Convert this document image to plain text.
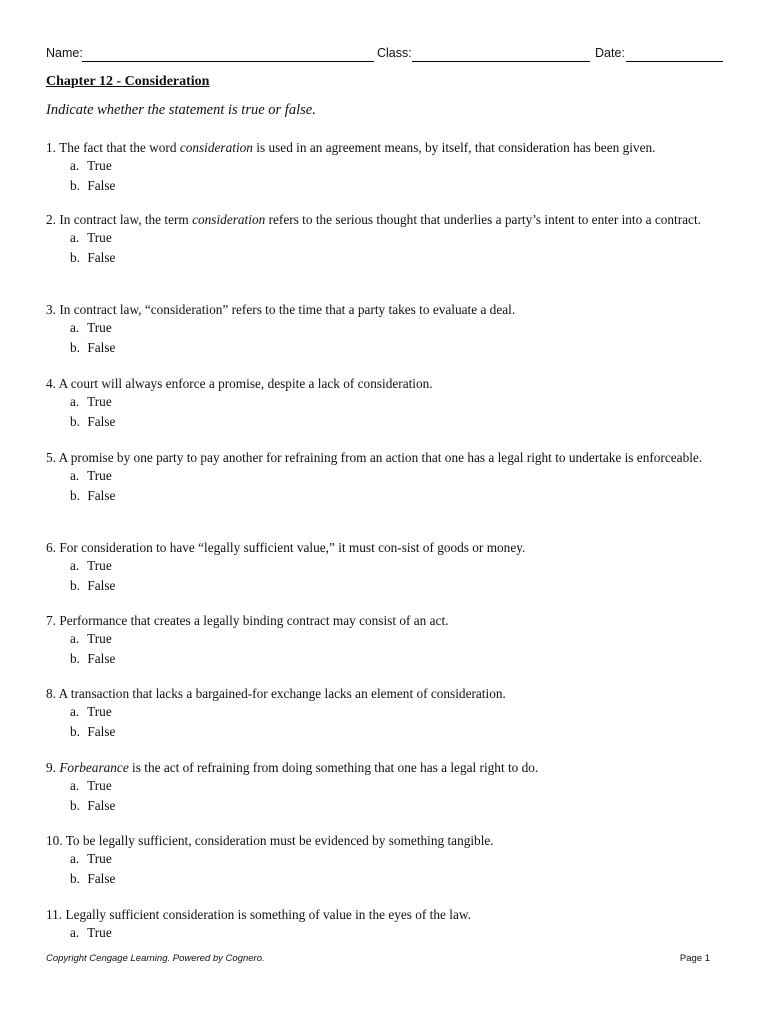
Name:	Class:	Date:
Chapter 12 - Consideration
Indicate whether the statement is true or false.

1. The fact that the word consideration is used in an agreement means, by itself, that consideration has been given.

a. True
b. False

2. In contract law, the term consideration refers to the serious thought that underlies a party’s intent to enter into a contract.

a. True
b. False

3. In contract law, “consideration” refers to the time that a party takes to evaluate a deal.

a. True
b. False

4. A court will always enforce a promise, despite a lack of consideration.

a. True
b. False

5. A promise by one party to pay another for refraining from an action that one has a legal right to undertake is enforceable.

a. True
b. False

6. For consideration to have “legally sufficient value,” it must con-sist of goods or money.

a. True
b. False

7. Performance that creates a legally binding contract may consist of an act.

a. True
b. False

8. A transaction that lacks a bargained-for exchange lacks an element of consideration.

a. True
b. False

9. Forbearance is the act of refraining from doing something that one has a legal right to do.

a. True
b. False

10. To be legally sufficient, consideration must be evidenced by something tangible.

a. True
b. False

11. Legally sufficient consideration is something of value in the eyes of the law.

a. True
Copyright Cengage Learning. Powered by Cognero.	Page 1
